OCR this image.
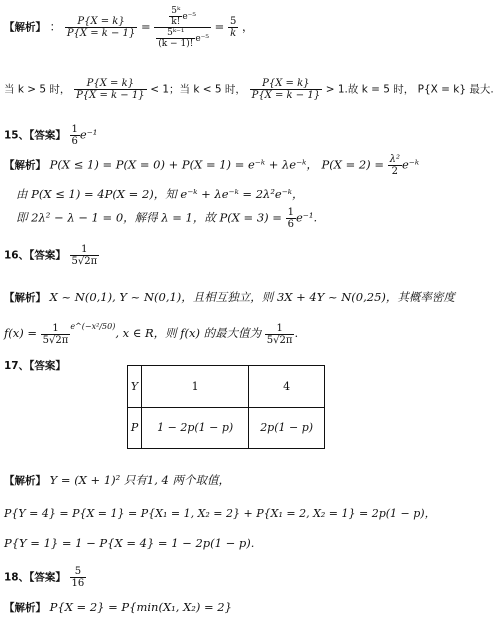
【解析】 ： $\frac{P\{X = k\}}{P\{X = k - 1\}} = \frac{\frac{\text{5ᵏ}}{k!} e^{-5}}{\frac{\text{5ᵏ⁻¹}}{(k - 1)!} e^{-5}} = \frac{5}{k}$ ，
当 k > 5 时， $\frac{P\{X = k\}}{P\{X = k - 1\}} < 1$；当 k < 5 时， $\frac{P\{X = k\}}{P\{X = k - 1\}} > 1$.故 k = 5 时， P{X = k} 最大.
15、【答案】 $\frac{1}{6} e^{-1}$
【解析】 P(X ≤ 1) = P(X = 0) + P(X = 1) = e⁻ᵏ + λe⁻ᵏ， $P(X = 2) = \frac{\text{λ²}}{2}$ e⁻ᵏ
由 P(X ≤ 1) = 4P(X = 2)，知 e⁻ᵏ + λe⁻ᵏ = 2λ²e⁻ᵏ，
即 2λ² − λ − 1 = 0，解得 λ = 1，故 $P(X = 3) = \frac{1}{6} e^{-1}$.
16、【答案】 $\frac{1}{5√2\pi}$
【解析】 X ~ N(0,1), Y ~ N(0,1)，且相互独立，则 3X + 4Y ~ N(0,25)，其概率密度
$f(x) = \frac{1}{5√2\pi} ^{e\^{}(-x^2/50)}$, x ∈ R，则 f(x) 的最大值为 $\frac{1}{5√2\pi}$ .
17、【答案】
Y	1	4
P	1 − 2p(1 − p)	2p(1 − p)
【解析】 Y = (X + 1)² 只有1, 4 两个取值，
P{Y = 4} = P{X = 1} = P{X₁ = 1, X₂ = 2} + P{X₁ = 2, X₂ = 1} = 2p(1 − p)，
P{Y = 1} = 1 − P{X = 4} = 1 − 2p(1 − p).
18、【答案】 $\frac{5}{16}$
【解析】 P{X = 2} = P{min(X₁, X₂) = 2}
